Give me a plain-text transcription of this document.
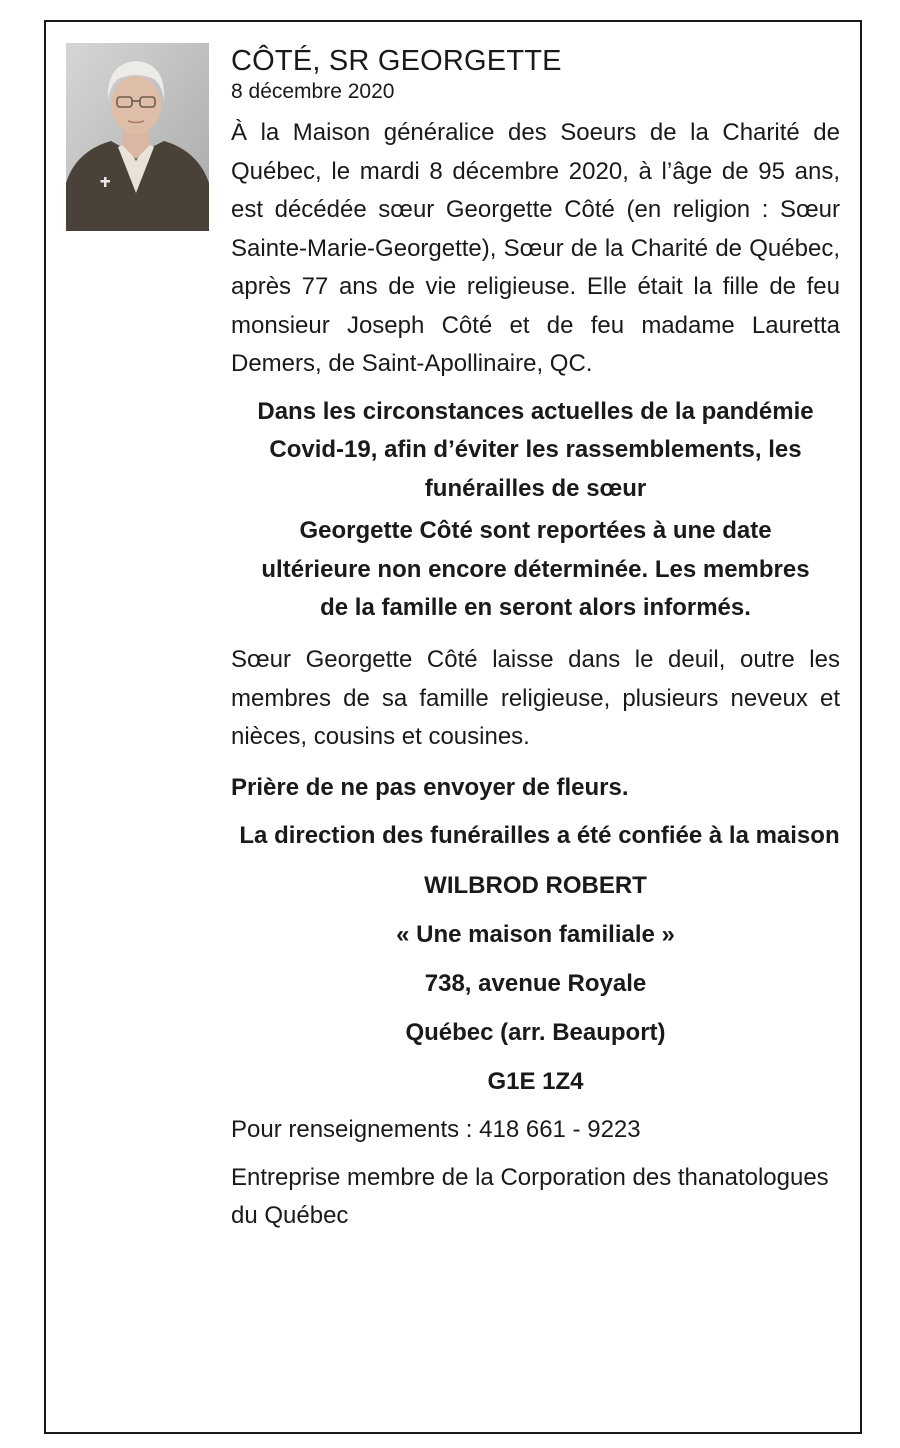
CÔTÉ, SR GEORGETTE
8 décembre 2020

À la Maison généralice des Soeurs de la Charité de Québec, le mardi 8 décembre 2020, à l’âge de 95 ans, est décédée sœur Georgette Côté (en religion : Sœur Sainte-Marie-Georgette), Sœur de la Charité de Québec, après 77 ans de vie religieuse. Elle était la fille de feu monsieur Joseph Côté et de feu madame Lauretta Demers, de Saint-Apollinaire, QC.

Dans les circonstances actuelles de la pandémie Covid-19, afin d’éviter les rassemblements, les funérailles de sœur

Georgette Côté sont reportées à une date ultérieure non encore déterminée. Les membres de la famille en seront alors informés.

Sœur Georgette Côté laisse dans le deuil, outre les membres de sa famille religieuse, plusieurs neveux et nièces, cousins et cousines.

Prière de ne pas envoyer de fleurs.

La direction des funérailles a été confiée à la maison

WILBROD ROBERT

« Une maison familiale »

738, avenue Royale

Québec (arr. Beauport)

G1E 1Z4

Pour renseignements : 418 661 - 9223

Entreprise membre de la Corporation des thanatologues du Québec
